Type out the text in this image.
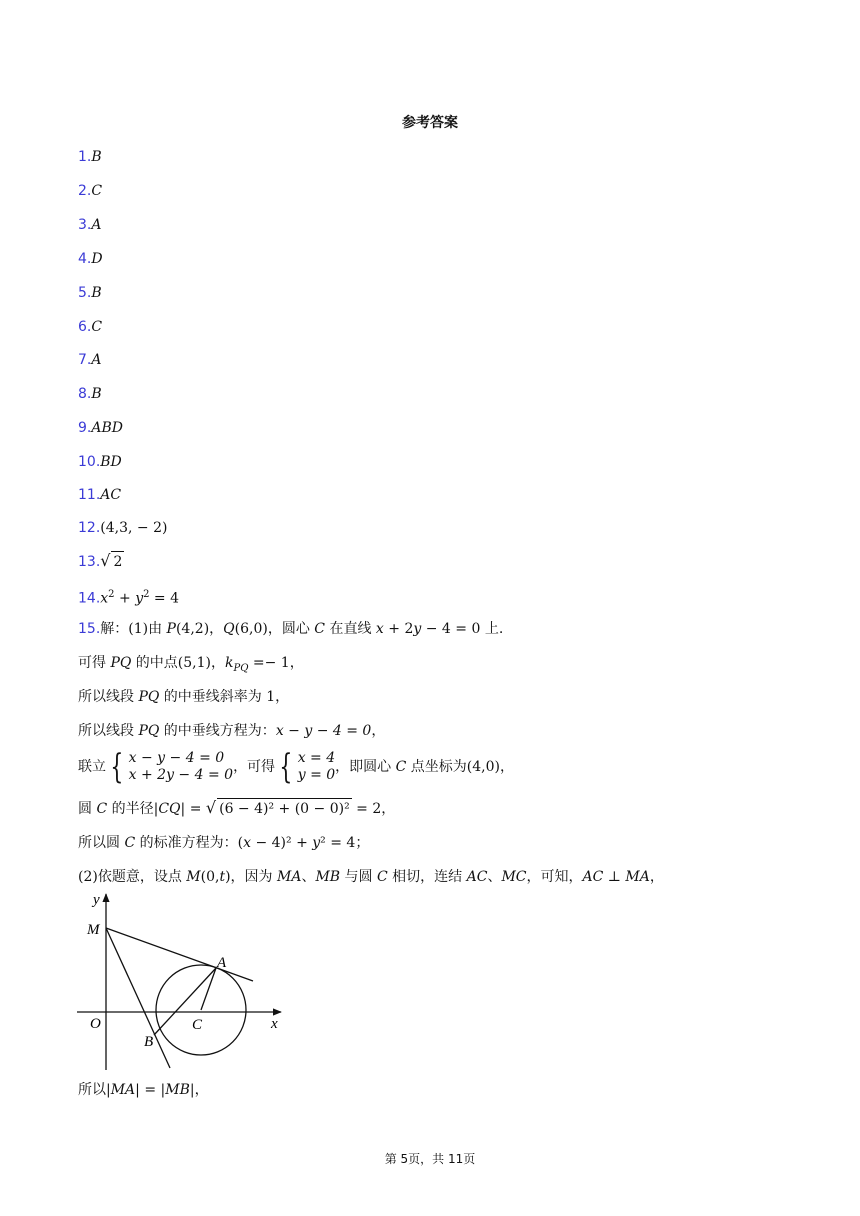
参考答案
1.B
2.C
3.A
4.D
5.B
6.C
7.A
8.B
9.ABD
10.BD
11.AC
12.(4,3, − 2)
13.√ 2
$14.x^2 + y^2 = 4$
15.解：(1)由 P(4,2)，Q(6,0)，圆心 C 在直线 x + 2y − 4 = 0 上.
可得 PQ 的中点(5,1)，$k_{PQ} =- 1$，
所以线段 PQ 的中垂线斜率为 1，
所以线段 PQ 的中垂线方程为：x − y − 4 = 0，
联立 { x − y − 4 = 0
x + 2y − 4 = 0 ，可得 { x = 4
y = 0 ，即圆心 C 点坐标为(4,0)，
圆 C 的半径|CQ| = √ (6 − 4)² + (0 − 0)² = 2，
所以圆 C 的标准方程为：(x − 4)² + y² = 4；
(2)依题意，设点 M(0,t)，因为 MA、MB 与圆 C 相切，连结 AC、MC，可知，AC ⊥ MA，
y
x
M
A
O
B
C
所以|MA| = |MB|，
第 5页，共 11页
